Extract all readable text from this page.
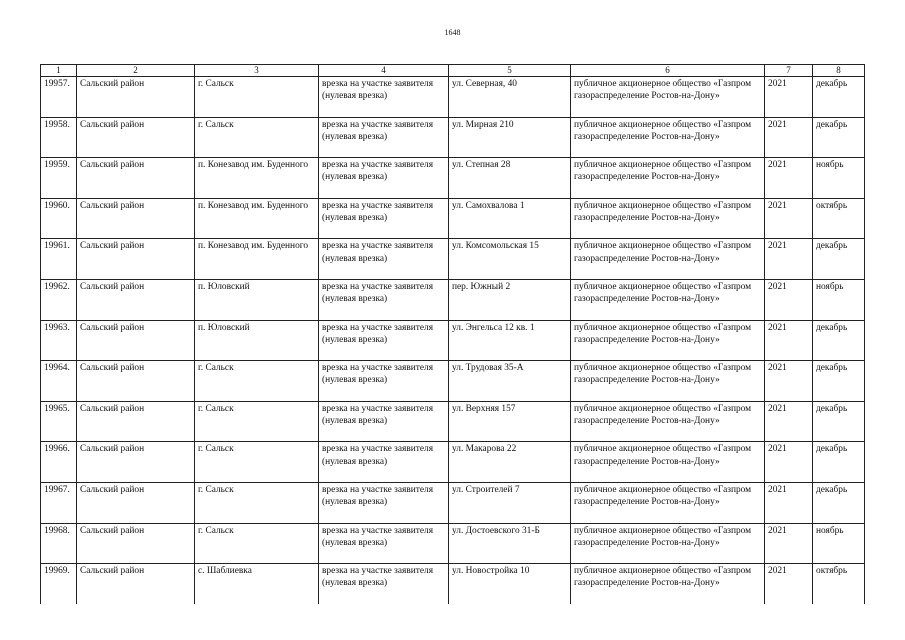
1648
1	2	3	4	5	6	7	8
19957.	Сальский район	г. Сальск	врезка на участке заявителя (нулевая врезка)	ул. Северная, 40	публичное акционерное общество «Газпром газораспределение Ростов-на-Дону»	2021	декабрь
19958.	Сальский район	г. Сальск	врезка на участке заявителя (нулевая врезка)	ул. Мирная 210	публичное акционерное общество «Газпром газораспределение Ростов-на-Дону»	2021	декабрь
19959.	Сальский район	п. Конезавод им. Буденного	врезка на участке заявителя (нулевая врезка)	ул. Степная 28	публичное акционерное общество «Газпром газораспределение Ростов-на-Дону»	2021	ноябрь
19960.	Сальский район	п. Конезавод им. Буденного	врезка на участке заявителя (нулевая врезка)	ул. Самохвалова 1	публичное акционерное общество «Газпром газораспределение Ростов-на-Дону»	2021	октябрь
19961.	Сальский район	п. Конезавод им. Буденного	врезка на участке заявителя (нулевая врезка)	ул. Комсомольская 15	публичное акционерное общество «Газпром газораспределение Ростов-на-Дону»	2021	декабрь
19962.	Сальский район	п. Юловский	врезка на участке заявителя (нулевая врезка)	пер. Южный 2	публичное акционерное общество «Газпром газораспределение Ростов-на-Дону»	2021	ноябрь
19963.	Сальский район	п. Юловский	врезка на участке заявителя (нулевая врезка)	ул. Энгельса 12 кв. 1	публичное акционерное общество «Газпром газораспределение Ростов-на-Дону»	2021	декабрь
19964.	Сальский район	г. Сальск	врезка на участке заявителя (нулевая врезка)	ул. Трудовая 35-А	публичное акционерное общество «Газпром газораспределение Ростов-на-Дону»	2021	декабрь
19965.	Сальский район	г. Сальск	врезка на участке заявителя (нулевая врезка)	ул. Верхняя 157	публичное акционерное общество «Газпром газораспределение Ростов-на-Дону»	2021	декабрь
19966.	Сальский район	г. Сальск	врезка на участке заявителя (нулевая врезка)	ул. Макарова 22	публичное акционерное общество «Газпром газораспределение Ростов-на-Дону»	2021	декабрь
19967.	Сальский район	г. Сальск	врезка на участке заявителя (нулевая врезка)	ул. Строителей 7	публичное акционерное общество «Газпром газораспределение Ростов-на-Дону»	2021	декабрь
19968.	Сальский район	г. Сальск	врезка на участке заявителя (нулевая врезка)	ул. Достоевского 31-Б	публичное акционерное общество «Газпром газораспределение Ростов-на-Дону»	2021	ноябрь
19969.	Сальский район	с. Шаблиевка	врезка на участке заявителя (нулевая врезка)	ул. Новостройка 10	публичное акционерное общество «Газпром газораспределение Ростов-на-Дону»	2021	октябрь
